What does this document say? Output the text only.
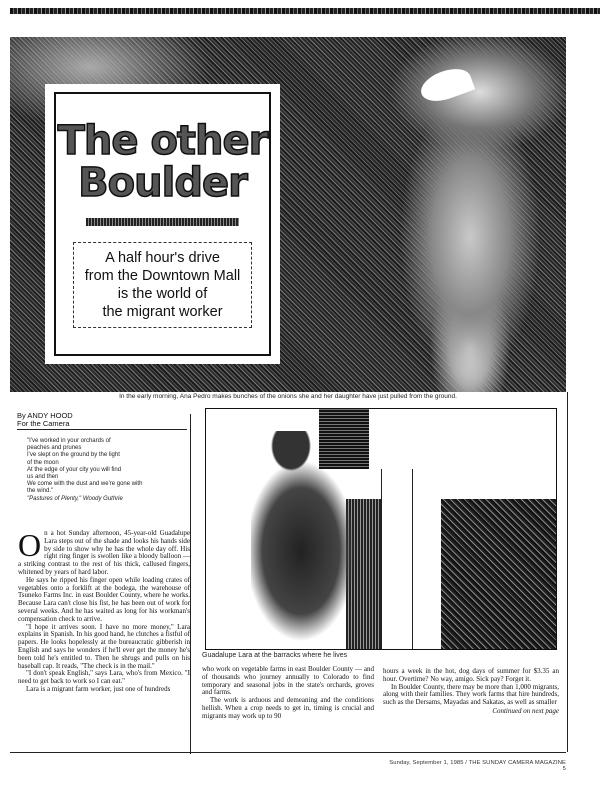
The other
Boulder
A half hour's drive
from the Downtown Mall
is the world of
the migrant worker
In the early morning, Ana Pedro makes bunches of the onions she and her daughter have just pulled from the ground.
By ANDY HOOD
For the Camera
"I've worked in your orchards of
peaches and prunes
I've slept on the ground by the light
of the moon
At the edge of your city you will find
us and then
We come with the dust and we're gone with
the wind."
"Pastures of Plenty," Woody Guthrie
O n a hot Sunday afternoon, 45-year-old Guadalupe Lara steps out of the shade and looks his hands side by side to show why he has the whole day off. His right ring finger is swollen like a bloody balloon — a striking contrast to the rest of his thick, callused fingers, whitened by years of hard labor.

He says he ripped his finger open while loading crates of vegetables onto a forklift at the bodega, the warehouse of Tsuneko Farms Inc. in east Boulder County, where he works. Because Lara can't close his fist, he has been out of work for several weeks. And he has waited as long for his workman's compensation check to arrive.

"I hope it arrives soon. I have no more money," Lara explains in Spanish. In his good hand, he clutches a fistful of papers. He looks hopelessly at the bureaucratic gibberish in English and says he wonders if he'll ever get the money he's been told he's entitled to. Then he shrugs and pulls on his baseball cap. It reads, "The check is in the mail."

"I don't speak English," says Lara, who's from Mexico. "I need to get back to work so I can eat."

Lara is a migrant farm worker, just one of hundreds

Guadalupe Lara at the barracks where he lives

who work on vegetable farms in east Boulder County — and of thousands who journey annually to Colorado to find temporary and seasonal jobs in the state's orchards, groves and farms.

The work is arduous and demeaning and the conditions hellish. When a crop needs to get in, timing is crucial and migrants may work up to 90

hours a week in the hot, dog days of summer for $3.35 an hour. Overtime? No way, amigo. Sick pay? Forget it.

In Boulder County, there may be more than 1,000 migrants, along with their families. They work farms that hire hundreds, such as the Dersams, Mayadas and Sakatas, as well as smaller

Continued on next page
Sunday, September 1, 1985 / THE SUNDAY CAMERA MAGAZINE    5
